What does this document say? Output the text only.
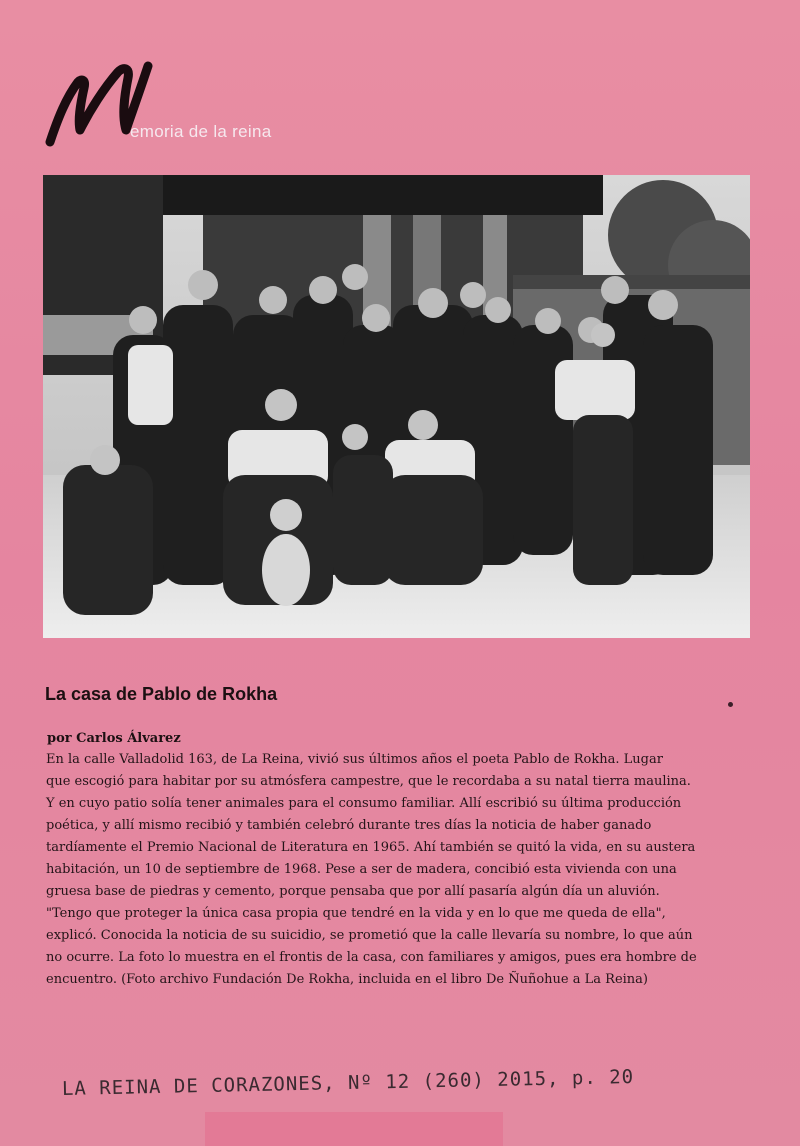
emoria de la reina
La casa de Pablo de Rokha
por Carlos Álvarez
En la calle Valladolid 163, de La Reina, vivió sus últimos años el poeta Pablo de Rokha. Lugar
que escogió para habitar por su atmósfera campestre, que le recordaba a su natal tierra maulina.
Y en cuyo patio solía tener animales para el consumo familiar. Allí escribió su última producción
poética, y allí mismo recibió y también celebró durante tres días la noticia de haber ganado
tardíamente el Premio Nacional de Literatura en 1965. Ahí también se quitó la vida, en su austera
habitación, un 10 de septiembre de 1968. Pese a ser de madera, concibió esta vivienda con una
gruesa base de piedras y cemento, porque pensaba que por allí pasaría algún día un aluvión.
"Tengo que proteger la única casa propia que tendré en la vida y en lo que me queda de ella",
explicó. Conocida la noticia de su suicidio, se prometió que la calle llevaría su nombre, lo que aún
no ocurre. La foto lo muestra en el frontis de la casa, con familiares y amigos, pues era hombre de
encuentro. (Foto archivo Fundación De Rokha, incluida en el libro De Ñuñohue a La Reina)
LA REINA DE CORAZONES, Nº 12 (260) 2015, p. 20
